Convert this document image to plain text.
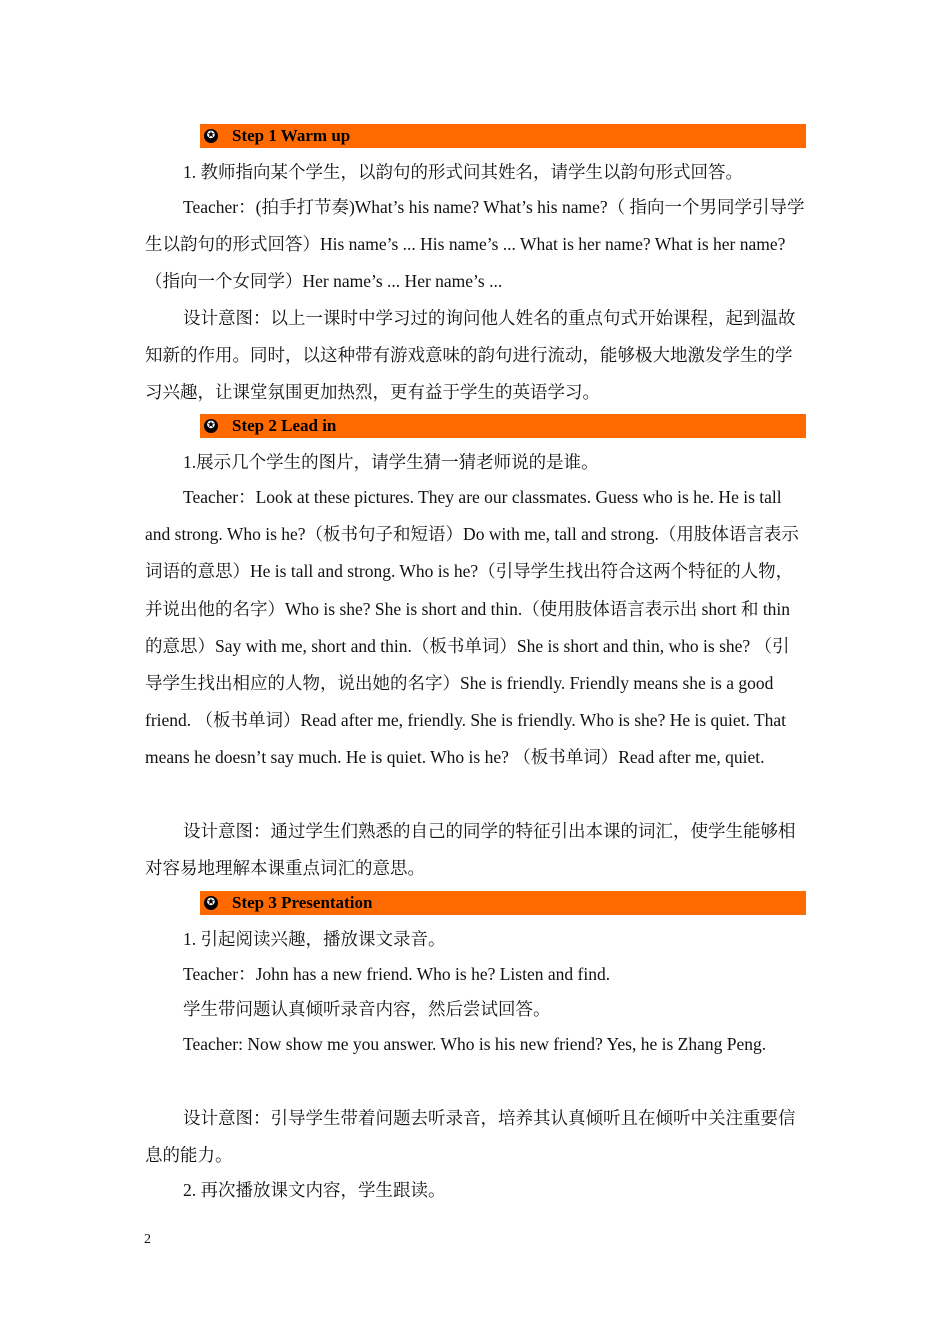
✪ Step 1 Warm up
1. 教师指向某个学生，以韵句的形式问其姓名，请学生以韵句形式回答。

Teacher：(拍手打节奏)What’s his name? What’s his name?（ 指向一个男同学引导学生以韵句的形式回答）His name’s ... His name’s ... What is her name? What is her name? （指向一个女同学）Her name’s ... Her name’s ...

设计意图：以上一课时中学习过的询问他人姓名的重点句式开始课程，起到温故知新的作用。同时，以这种带有游戏意味的韵句进行流动，能够极大地激发学生的学习兴趣，让课堂氛围更加热烈，更有益于学生的英语学习。

✪ Step 2 Lead in
1.展示几个学生的图片，请学生猜一猜老师说的是谁。

Teacher：Look at these pictures. They are our classmates. Guess who is he. He is tall and strong. Who is he?（板书句子和短语）Do with me, tall and strong.（用肢体语言表示词语的意思）He is tall and strong. Who is he?（引导学生找出符合这两个特征的人物，并说出他的名字）Who is she? She is short and thin.（使用肢体语言表示出 short 和 thin 的意思）Say with me, short and thin.（板书单词）She is short and thin, who is she? （引导学生找出相应的人物，说出她的名字）She is friendly. Friendly means she is a good friend. （板书单词）Read after me, friendly. She is friendly. Who is she? He is quiet. That means he doesn’t say much. He is quiet. Who is he? （板书单词）Read after me, quiet.

设计意图：通过学生们熟悉的自己的同学的特征引出本课的词汇，使学生能够相对容易地理解本课重点词汇的意思。

✪ Step 3 Presentation
1. 引起阅读兴趣，播放课文录音。
Teacher：John has a new friend. Who is he? Listen and find.
学生带问题认真倾听录音内容，然后尝试回答。

Teacher: Now show me you answer. Who is his new friend? Yes, he is Zhang Peng.

设计意图：引导学生带着问题去听录音，培养其认真倾听且在倾听中关注重要信息的能力。

2. 再次播放课文内容，学生跟读。
2
